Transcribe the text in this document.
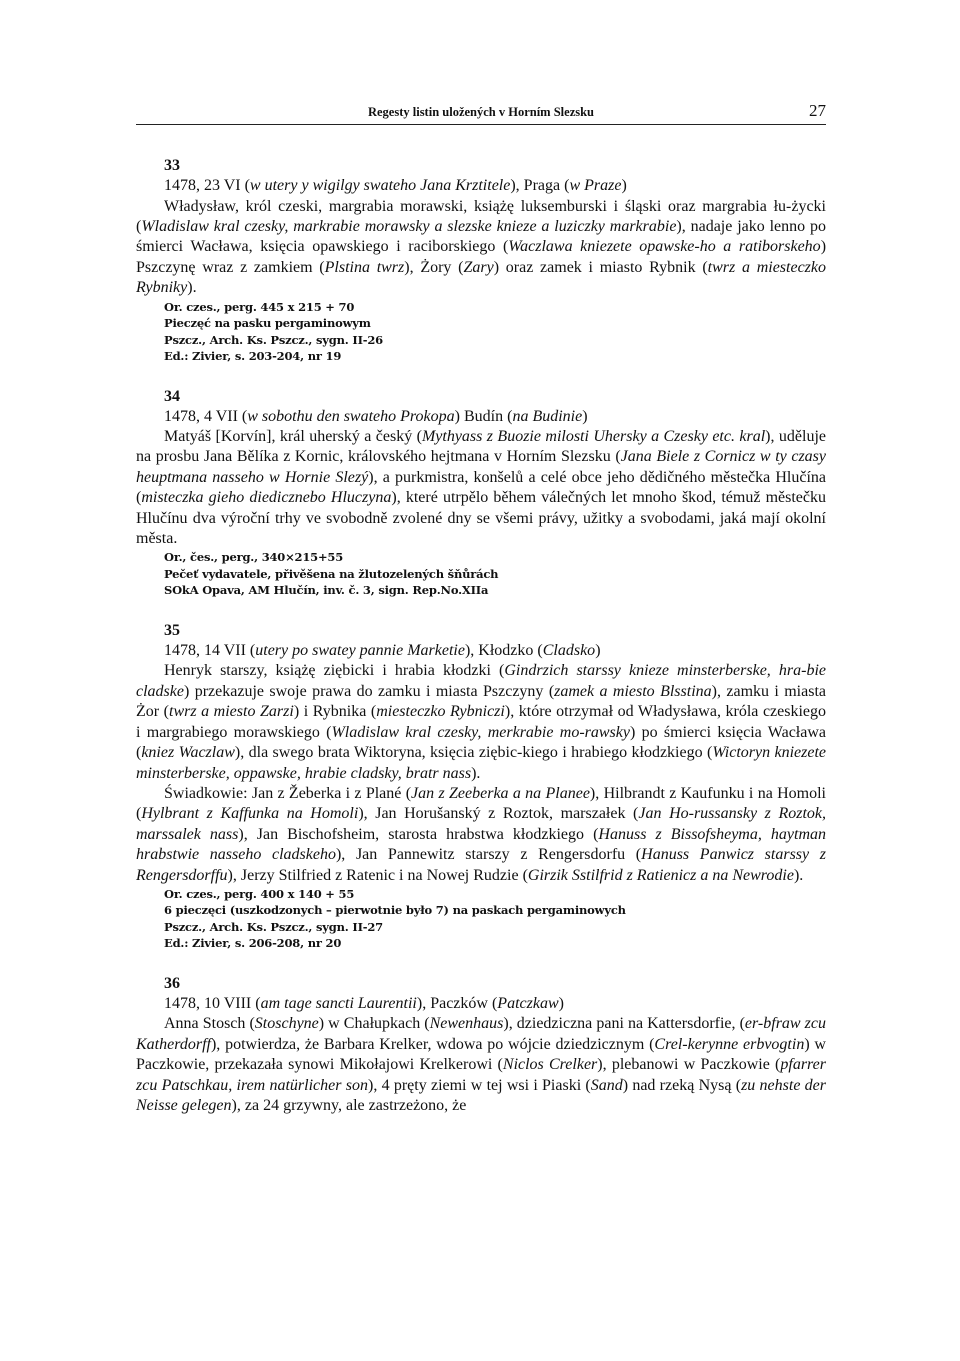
Regesty listin uložených v Horním Slezsku	27
33
1478, 23 VI (w utery y wigilgy swateho Jana Krztitele), Praga (w Praze)

Władysław, król czeski, margrabia morawski, książę luksemburski i śląski oraz margrabia łu-życki (Wladislaw kral czesky, markrabie morawsky a slezske knieze a luziczky markrabie), nadaje jako lenno po śmierci Wacława, księcia opawskiego i raciborskiego (Waczlawa kniezete opawske-ho a ratiborskeho) Pszczynę wraz z zamkiem (Plstina twrz), Żory (Zary) oraz zamek i miasto Rybnik (twrz a miesteczko Rybniky).

Or. czes., perg. 445 x 215 + 70
Pieczęć na pasku pergaminowym
Pszcz., Arch. Ks. Pszcz., sygn. II-26
Ed.: Zivier, s. 203-204, nr 19
34
1478, 4 VII (w sobothu den swateho Prokopa) Budín (na Budinie)

Matyáš [Korvín], král uherský a český (Mythyass z Buozie milosti Uhersky a Czesky etc. kral), uděluje na prosbu Jana Bělíka z Kornic, královského hejtmana v Horním Slezsku (Jana Biele z Cornicz w ty czasy heuptmana nasseho w Hornie Slezý), a purkmistra, konšelů a celé obce jeho dědičného městečka Hlučína (misteczka gieho diedicznebo Hluczyna), které utrpělo během válečných let mnoho škod, témuž městečku Hlučínu dva výroční trhy ve svobodně zvolené dny se všemi právy, užitky a svobodami, jaká mají okolní města.

Or., čes., perg., 340×215+55
Pečeť vydavatele, přivěšena na žlutozelených šňůrách
SOkA Opava, AM Hlučín, inv. č. 3, sign. Rep.No.XIIa
35
1478, 14 VII (utery po swatey pannie Marketie), Kłodzko (Cladsko)

Henryk starszy, książę ziębicki i hrabia kłodzki (Gindrzich starssy knieze minsterberske, hra-bie cladske) przekazuje swoje prawa do zamku i miasta Pszczyny (zamek a miesto Blsstina), zamku i miasta Żor (twrz a miesto Zarzi) i Rybnika (miesteczko Rybniczi), które otrzymał od Władysława, króla czeskiego i margrabiego morawskiego (Wladislaw kral czesky, merkrabie mo-rawsky) po śmierci księcia Wacława (kniez Waczlaw), dla swego brata Wiktoryna, księcia ziębic-kiego i hrabiego kłodzkiego (Wictoryn kniezete minsterberske, oppawske, hrabie cladsky, bratr nass).

Świadkowie: Jan z Žeberka i z Plané (Jan z Zeeberka a na Planee), Hilbrandt z Kaufunku i na Homoli (Hylbrant z Kaffunka na Homoli), Jan Horušanský z Roztok, marszałek (Jan Ho-russansky z Roztok, marssalek nass), Jan Bischofsheim, starosta hrabstwa kłodzkiego (Hanuss z Bissofsheyma, haytman hrabstwie nasseho cladskeho), Jan Pannewitz starszy z Rengersdorfu (Hanuss Panwicz starssy z Rengersdorffu), Jerzy Stilfried z Ratenic i na Nowej Rudzie (Girzik Sstilfrid z Ratienicz a na Newrodie).

Or. czes., perg. 400 x 140 + 55
6 pieczęci (uszkodzonych – pierwotnie było 7) na paskach pergaminowych
Pszcz., Arch. Ks. Pszcz., sygn. II-27
Ed.: Zivier, s. 206-208, nr 20
36
1478, 10 VIII (am tage sancti Laurentii), Paczków (Patczkaw)

Anna Stosch (Stoschyne) w Chałupkach (Newenhaus), dziedziczna pani na Kattersdorfie, (er-bfraw zcu Katherdorff), potwierdza, że Barbara Krelker, wdowa po wójcie dziedzicznym (Crel-kerynne erbvogtin) w Paczkowie, przekazała synowi Mikołajowi Krelkerowi (Niclos Crelker), plebanowi w Paczkowie (pfarrer zcu Patschkau, irem natürlicher son), 4 pręty ziemi w tej wsi i Piaski (Sand) nad rzeką Nysą (zu nehste der Neisse gelegen), za 24 grzywny, ale zastrzeżono, że
